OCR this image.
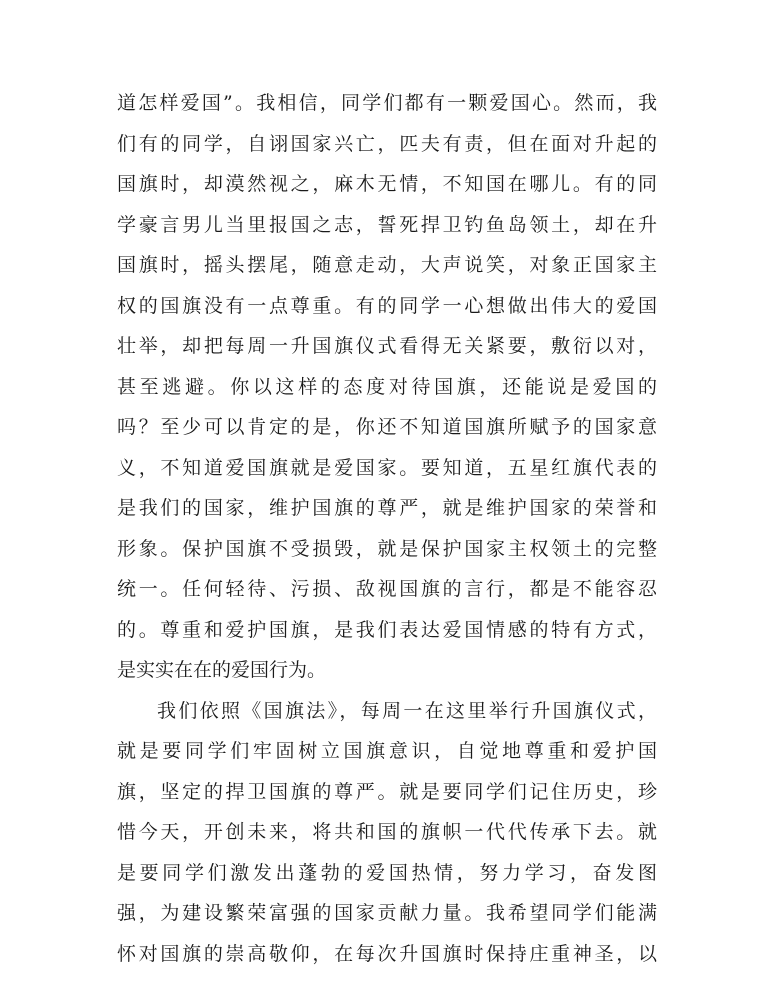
道怎样爱国”。我相信，同学们都有一颗爱国心。然而，我
们有的同学，自诩国家兴亡，匹夫有责，但在面对升起的
国旗时，却漠然视之，麻木无情，不知国在哪儿。有的同
学豪言男儿当里报国之志，誓死捍卫钓鱼岛领土，却在升
国旗时，摇头摆尾，随意走动，大声说笑，对象正国家主
权的国旗没有一点尊重。有的同学一心想做出伟大的爱国
壮举，却把每周一升国旗仪式看得无关紧要，敷衍以对，
甚至逃避。你以这样的态度对待国旗，还能说是爱国的
吗？至少可以肯定的是，你还不知道国旗所赋予的国家意
义，不知道爱国旗就是爱国家。要知道，五星红旗代表的
是我们的国家，维护国旗的尊严，就是维护国家的荣誉和
形象。保护国旗不受损毁，就是保护国家主权领土的完整
统一。任何轻待、污损、敌视国旗的言行，都是不能容忍
的。尊重和爱护国旗，是我们表达爱国情感的特有方式，
是实实在在的爱国行为。
我们依照《国旗法》，每周一在这里举行升国旗仪式，
就是要同学们牢固树立国旗意识，自觉地尊重和爱护国
旗，坚定的捍卫国旗的尊严。就是要同学们记住历史，珍
惜今天，开创未来，将共和国的旗帜一代代传承下去。就
是要同学们激发出蓬勃的爱国热情，努力学习，奋发图
强，为建设繁荣富强的国家贡献力量。我希望同学们能满
怀对国旗的崇高敬仰，在每次升国旗时保持庄重神圣，以
